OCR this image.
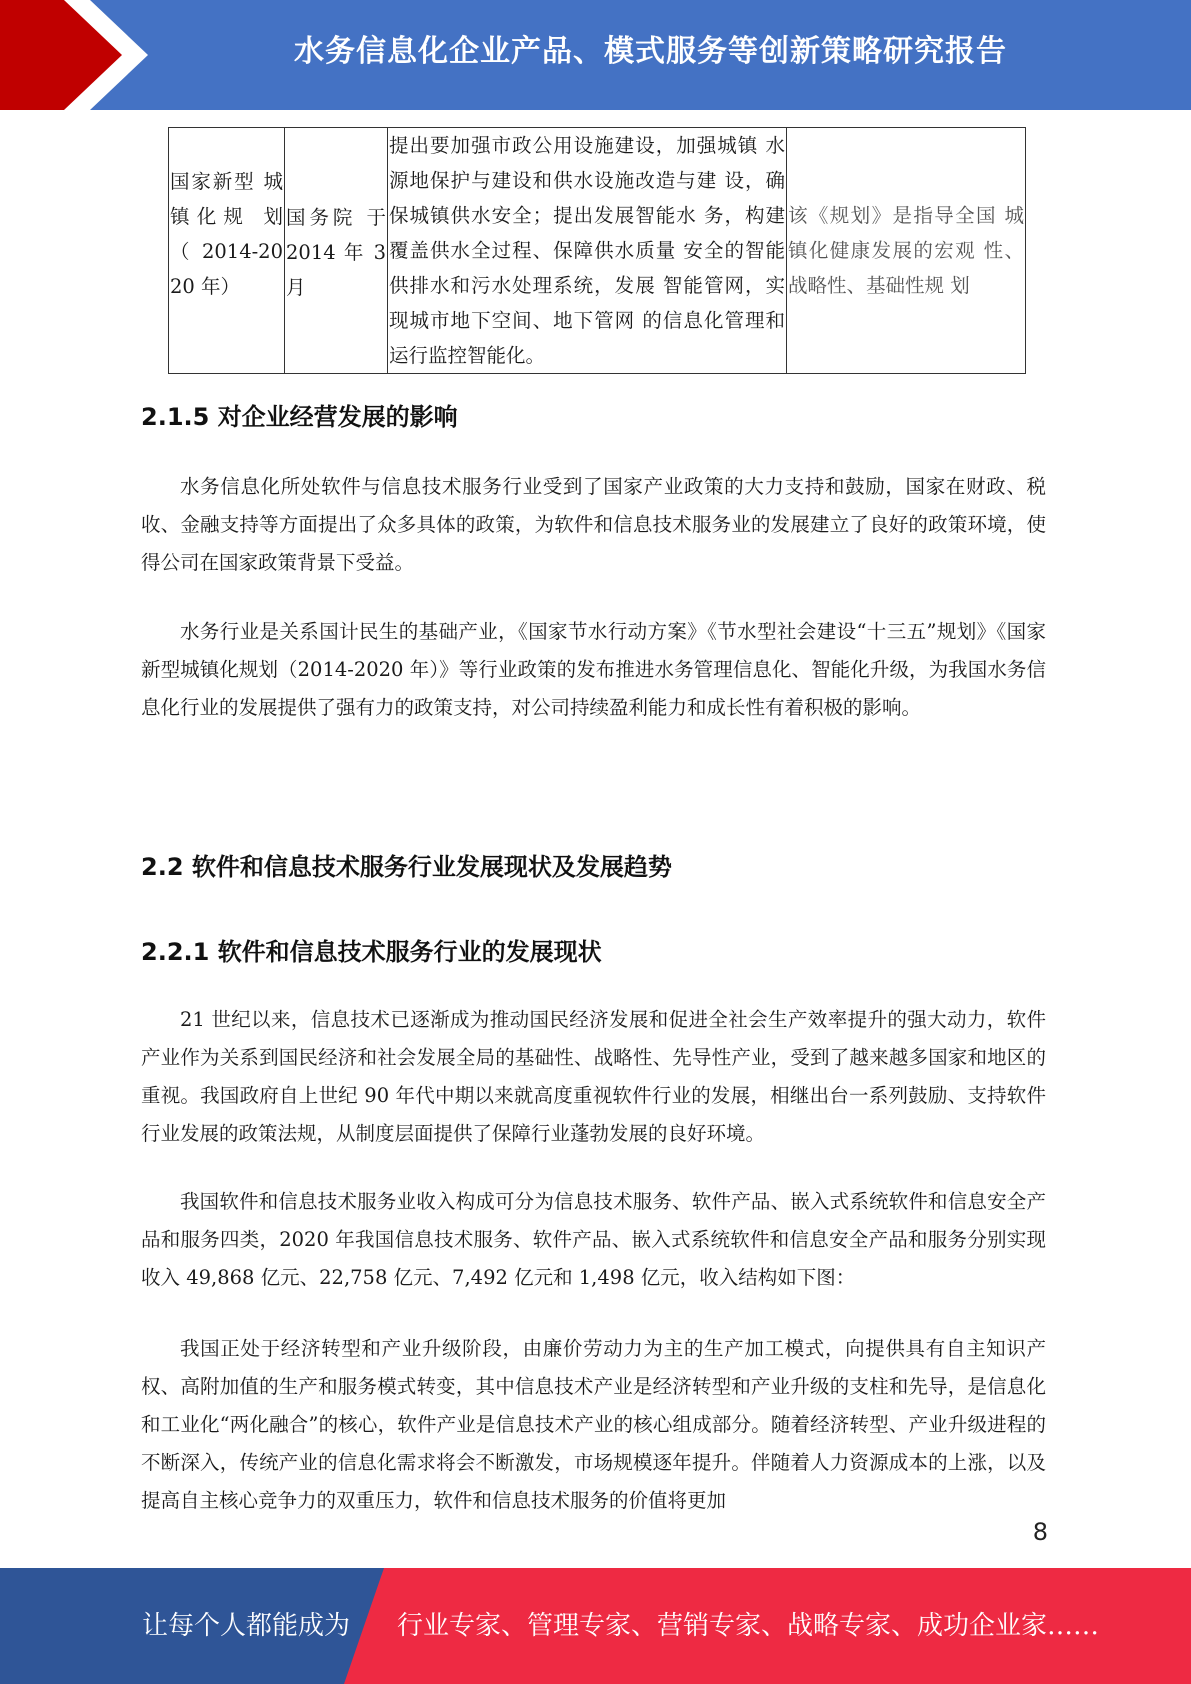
水务信息化企业产品、模式服务等创新策略研究报告
国家新型 城镇化规 划（2014-20 20 年）	国务院 于 2014 年 3 月	提出要加强市政公用设施建设，加强城镇 水源地保护与建设和供水设施改造与建 设，确保城镇供水安全；提出发展智能水 务，构建覆盖供水全过程、保障供水质量 安全的智能供排水和污水处理系统，发展 智能管网，实现城市地下空间、地下管网 的信息化管理和运行监控智能化。	该《规划》是指导全国 城镇化健康发展的宏观 性、战略性、基础性规 划
2.1.5 对企业经营发展的影响

水务信息化所处软件与信息技术服务行业受到了国家产业政策的大力支持和鼓励，国家在财政、税收、金融支持等方面提出了众多具体的政策，为软件和信息技术服务业的发展建立了良好的政策环境，使得公司在国家政策背景下受益。

水务行业是关系国计民生的基础产业，《国家节水行动方案》《节水型社会建设“十三五”规划》《国家新型城镇化规划（2014-2020 年）》等行业政策的发布推进水务管理信息化、智能化升级，为我国水务信息化行业的发展提供了强有力的政策支持，对公司持续盈利能力和成长性有着积极的影响。

2.2 软件和信息技术服务行业发展现状及发展趋势
2.2.1 软件和信息技术服务行业的发展现状

21 世纪以来，信息技术已逐渐成为推动国民经济发展和促进全社会生产效率提升的强大动力，软件产业作为关系到国民经济和社会发展全局的基础性、战略性、先导性产业，受到了越来越多国家和地区的重视。我国政府自上世纪 90 年代中期以来就高度重视软件行业的发展，相继出台一系列鼓励、支持软件行业发展的政策法规，从制度层面提供了保障行业蓬勃发展的良好环境。

我国软件和信息技术服务业收入构成可分为信息技术服务、软件产品、嵌入式系统软件和信息安全产品和服务四类，2020 年我国信息技术服务、软件产品、嵌入式系统软件和信息安全产品和服务分别实现收入 49,868 亿元、22,758 亿元、7,492 亿元和 1,498 亿元，收入结构如下图：

我国正处于经济转型和产业升级阶段，由廉价劳动力为主的生产加工模式，向提供具有自主知识产权、高附加值的生产和服务模式转变，其中信息技术产业是经济转型和产业升级的支柱和先导，是信息化和工业化“两化融合”的核心，软件产业是信息技术产业的核心组成部分。随着经济转型、产业升级进程的不断深入，传统产业的信息化需求将会不断激发，市场规模逐年提升。伴随着人力资源成本的上涨，以及提高自主核心竞争力的双重压力，软件和信息技术服务的价值将更加

8
让每个人都能成为 行业专家、管理专家、营销专家、战略专家、成功企业家……
